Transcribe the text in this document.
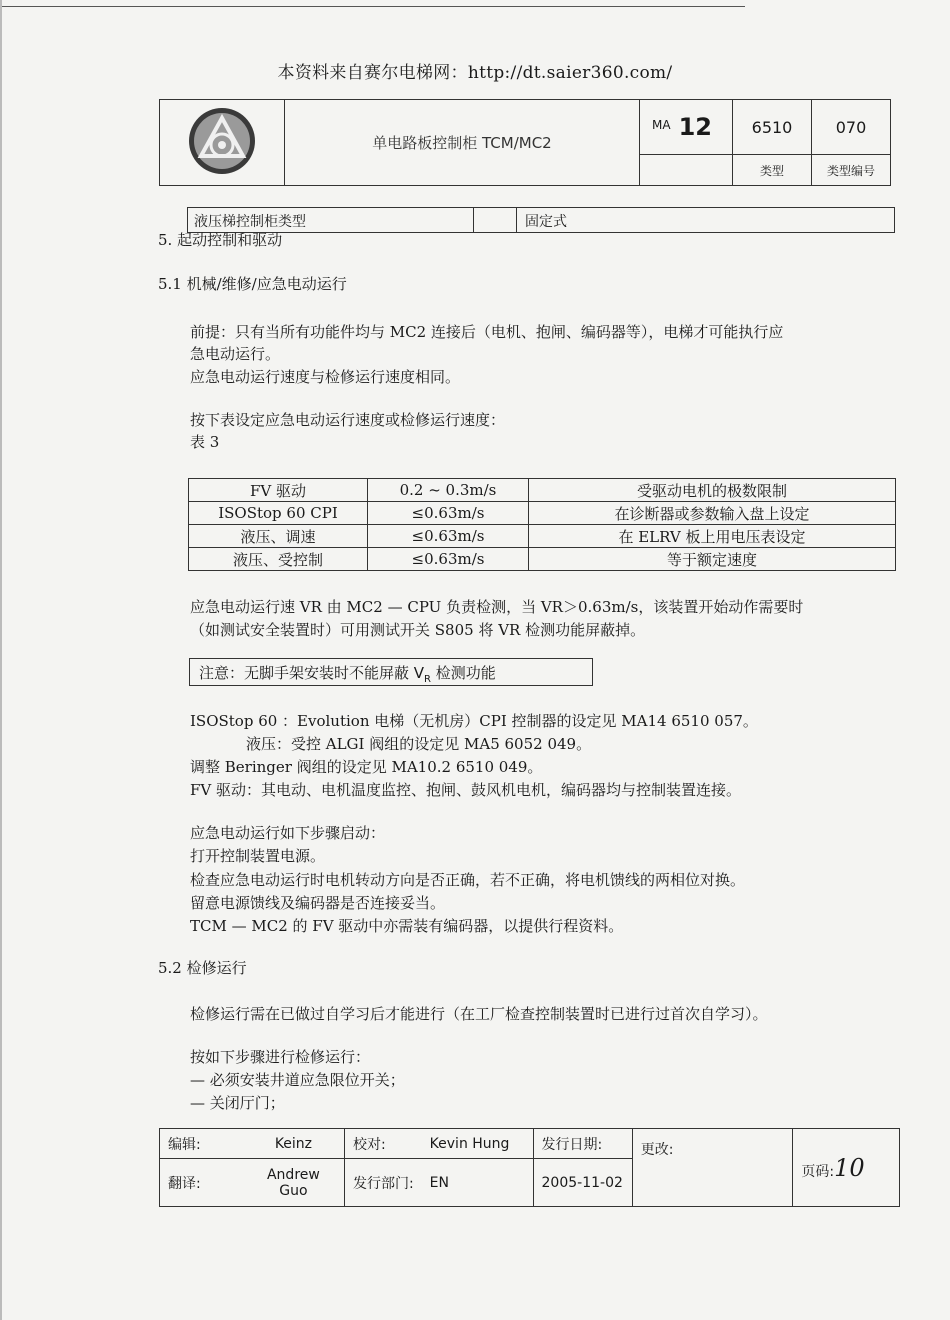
本资料来自赛尔电梯网：http://dt.saier360.com/
	单电路板控制柜 TCM/MC2	MA 12	6510	070
			类型	类型编号
液压梯控制柜类型	固定式
5. 起动控制和驱动
5.1 机械/维修/应急电动运行
前提：只有当所有功能件均与 MC2 连接后（电机、抱闸、编码器等），电梯才可能执行应
急电动运行。
应急电动运行速度与检修运行速度相同。
按下表设定应急电动运行速度或检修运行速度：
表 3
FV 驱动	0.2 ~ 0.3m/s	受驱动电机的极数限制
ISOStop 60 CPI	≤0.63m/s	在诊断器或参数输入盘上设定
液压、调速	≤0.63m/s	在 ELRV 板上用电压表设定
液压、受控制	≤0.63m/s	等于额定速度
应急电动运行速 VR 由 MC2 — CPU 负责检测，当 VR＞0.63m/s，该装置开始动作需要时
（如测试安全装置时）可用测试开关 S805 将 VR 检测功能屏蔽掉。
注意：无脚手架安装时不能屏蔽 $V_R$ 检测功能
ISOStop 60 ：Evolution 电梯（无机房）CPI 控制器的设定见 MA14 6510 057。
液压：受控 ALGI 阀组的设定见 MA5 6052 049。
调整 Beringer 阀组的设定见 MA10.2 6510 049。
FV 驱动：其电动、电机温度监控、抱闸、鼓风机电机，编码器均与控制装置连接。
应急电动运行如下步骤启动：
打开控制装置电源。
检查应急电动运行时电机转动方向是否正确，若不正确，将电机馈线的两相位对换。
留意电源馈线及编码器是否连接妥当。
TCM — MC2 的 FV 驱动中亦需装有编码器，以提供行程资料。
5.2 检修运行
检修运行需在已做过自学习后才能进行（在工厂检查控制装置时已进行过首次自学习）。
按如下步骤进行检修运行：
— 必须安装井道应急限位开关；
— 关闭厅门；
编辑:	Keinz	校对:	Kevin Hung	发行日期:	更改:	页码:10
翻译:	Andrew Guo	发行部门:	EN	2005-11-02		
